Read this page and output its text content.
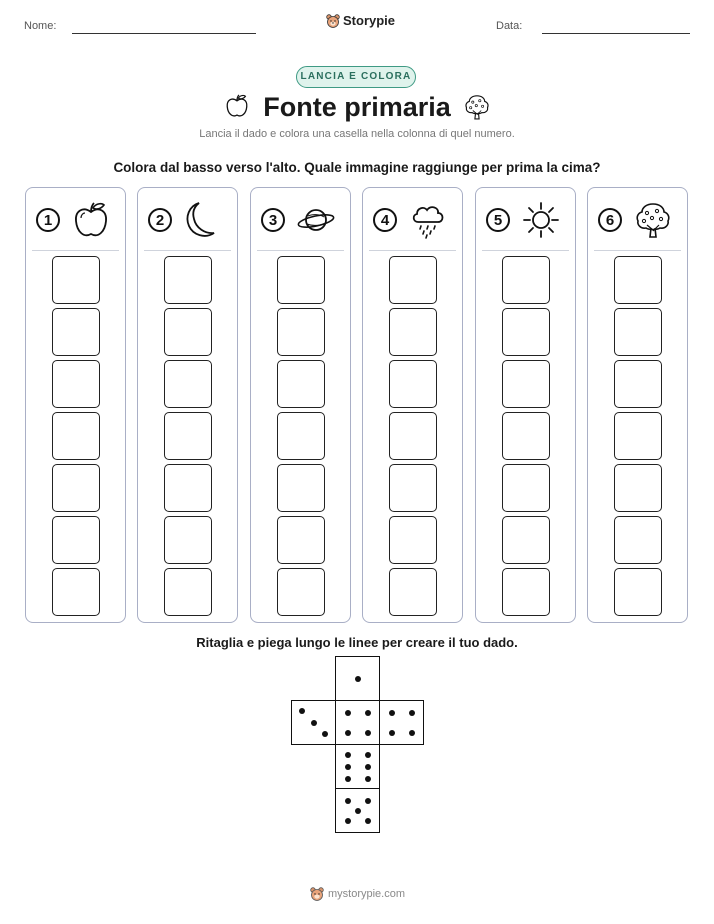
Nome:	Storypie	Data:
LANCIA E COLORA
Fonte primaria
Lancia il dado e colora una casella nella colonna di quel numero.
Colora dal basso verso l'alto. Quale immagine raggiunge per prima la cima?
1	2	3	4	5	6
Ritaglia e piega lungo le linee per creare il tuo dado.
mystorypie.com
